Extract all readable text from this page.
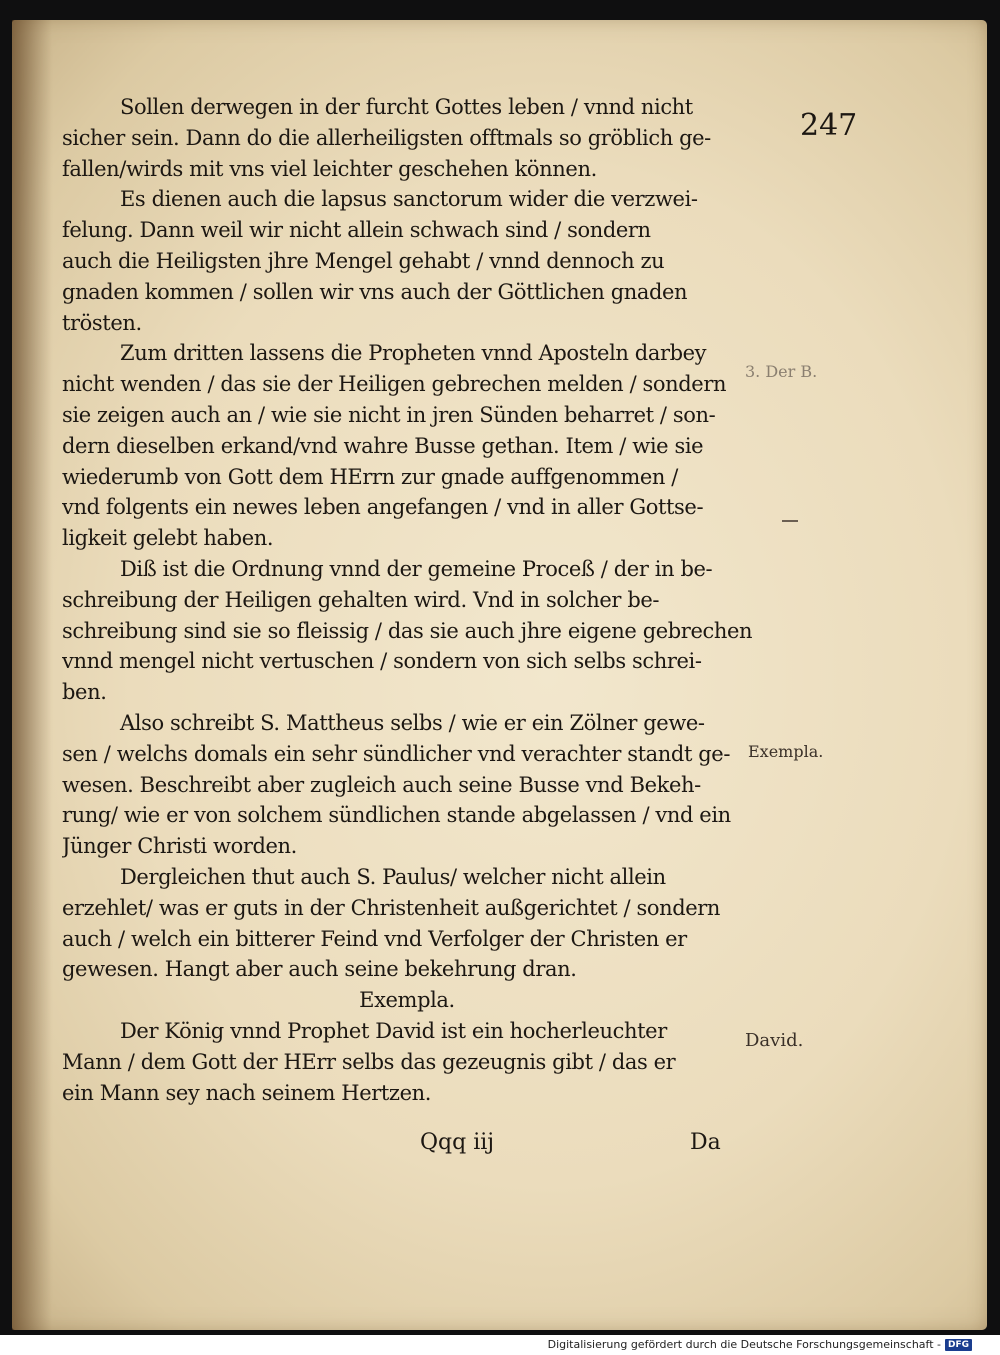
247
Sollen derwegen in der furcht Gottes leben / vnnd nicht
sicher sein. Dann do die allerheiligsten offtmals so gröblich ge-
fallen/wirds mit vns viel leichter geschehen können.
Es dienen auch die lapsus sanctorum wider die verzwei-
felung. Dann weil wir nicht allein schwach sind / sondern
auch die Heiligsten jhre Mengel gehabt / vnnd dennoch zu
gnaden kommen / sollen wir vns auch der Göttlichen gnaden
trösten.
Zum dritten lassens die Propheten vnnd Aposteln darbey
nicht wenden / das sie der Heiligen gebrechen melden / sondern
sie zeigen auch an / wie sie nicht in jren Sünden beharret / son-
dern dieselben erkand/vnd wahre Busse gethan. Item / wie sie
wiederumb von Gott dem HErrn zur gnade auffgenommen /
vnd folgents ein newes leben angefangen / vnd in aller Gottse-
ligkeit gelebt haben.
Diß ist die Ordnung vnnd der gemeine Proceß / der in be-
schreibung der Heiligen gehalten wird. Vnd in solcher be-
schreibung sind sie so fleissig / das sie auch jhre eigene gebrechen
vnnd mengel nicht vertuschen / sondern von sich selbs schrei-
ben.
Also schreibt S. Mattheus selbs / wie er ein Zölner gewe-
sen / welchs domals ein sehr sündlicher vnd verachter standt ge-
wesen. Beschreibt aber zugleich auch seine Busse vnd Bekeh-
rung/ wie er von solchem sündlichen stande abgelassen / vnd ein
Jünger Christi worden.
Dergleichen thut auch S. Paulus/ welcher nicht allein
erzehlet/ was er guts in der Christenheit außgerichtet / sondern
auch / welch ein bitterer Feind vnd Verfolger der Christen er
gewesen. Hangt aber auch seine bekehrung dran.
Exempla.
Der König vnnd Prophet David ist ein hocherleuchter
Mann / dem Gott der HErr selbs das gezeugnis gibt / das er
ein Mann sey nach seinem Hertzen.
3. Der B.
Exempla.
David.
Qqq iij	Da
Digitalisierung gefördert durch die Deutsche Forschungsgemeinschaft - DFG
